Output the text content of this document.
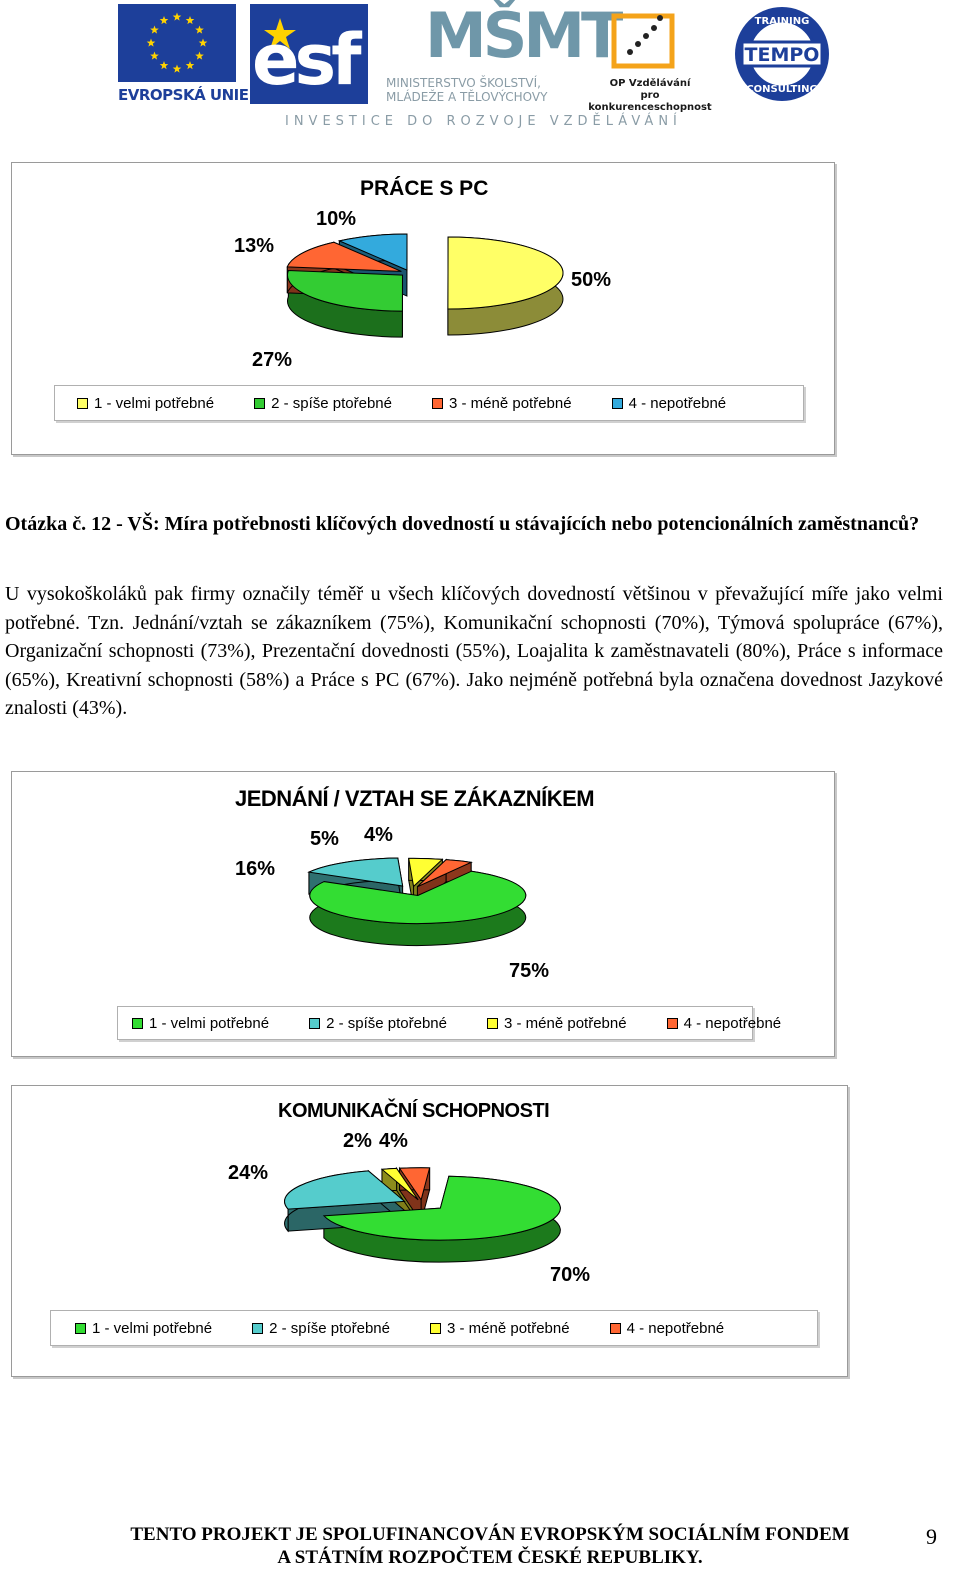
EVROPSKÁ UNIE esf MŠMT
MINISTERSTVO ŠKOLSTVÍ,
MLÁDEŽE A TĚLOVÝCHOVY
OP Vzdělávání
pro konkurenceschopnost
TEMPO
TRAINING
CONSULTING
INVESTICE DO ROZVOJE VZDĚLÁVÁNÍ
PRÁCE S PC
50%
27%
13%
10%
1 - velmi potřebné	2 - spíše ptořebné	3 - méně potřebné	4 - nepotřebné
Otázka č. 12 - VŠ: Míra potřebnosti klíčových dovedností u stávajících nebo potencionálních zaměstnanců?

U vysokoškoláků pak firmy označily téměř u všech klíčových dovedností většinou v převažující míře jako velmi potřebné. Tzn. Jednání/vztah se zákazníkem (75%), Komunikační schopnosti (70%), Týmová spolupráce (67%), Organizační schopnosti (73%), Prezentační dovednosti (55%), Loajalita k zaměstnavateli (80%), Práce s informace (65%), Kreativní schopnosti (58%) a Práce s PC (67%). Jako nejméně potřebná byla označena dovednost Jazykové znalosti (43%).

JEDNÁNÍ / VZTAH SE ZÁKAZNÍKEM
75%
16%
5% 4%
1 - velmi potřebné	2 - spíše ptořebné	3 - méně potřebné	4 - nepotřebné
KOMUNIKAČNÍ SCHOPNOSTI
70%
24%
2% 4%
1 - velmi potřebné	2 - spíše ptořebné	3 - méně potřebné	4 - nepotřebné
TENTO PROJEKT JE SPOLUFINANCOVÁN EVROPSKÝM SOCIÁLNÍM FONDEM
A STÁTNÍM ROZPOČTEM ČESKÉ REPUBLIKY.
9
